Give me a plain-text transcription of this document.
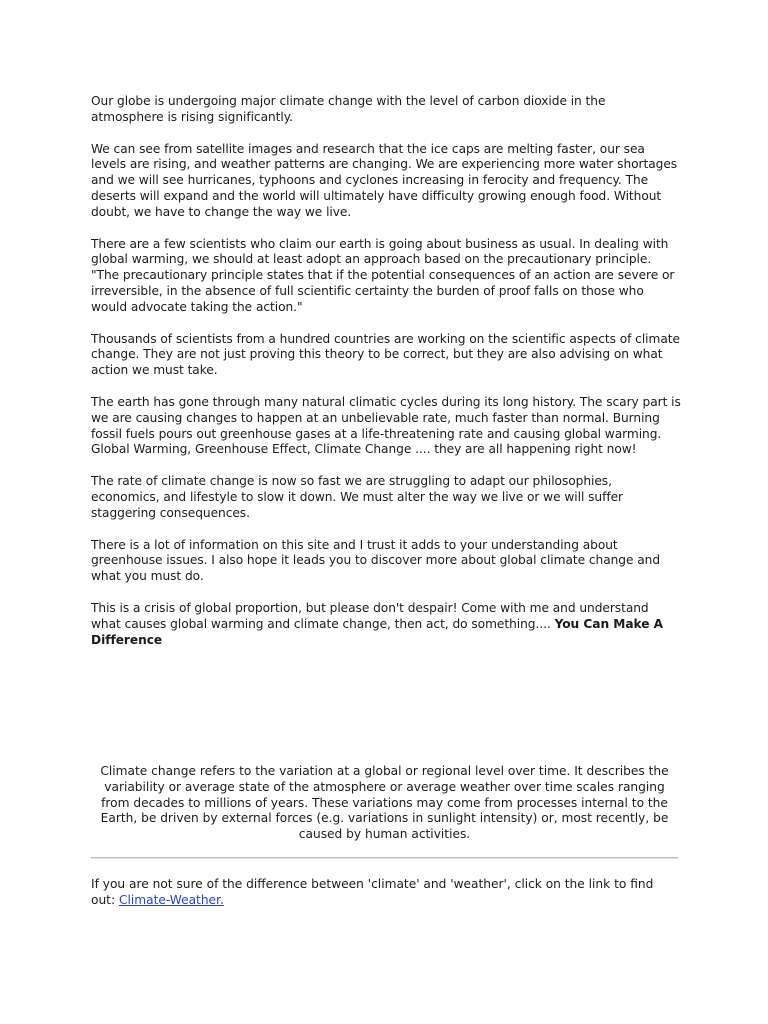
Our globe is undergoing major climate change with the level of carbon dioxide in the atmosphere is rising significantly.

We can see from satellite images and research that the ice caps are melting faster, our sea levels are rising, and weather patterns are changing. We are experiencing more water shortages and we will see hurricanes, typhoons and cyclones increasing in ferocity and frequency. The deserts will expand and the world will ultimately have difficulty growing enough food. Without doubt, we have to change the way we live.

There are a few scientists who claim our earth is going about business as usual. In dealing with global warming, we should at least adopt an approach based on the precautionary principle. "The precautionary principle states that if the potential consequences of an action are severe or irreversible, in the absence of full scientific certainty the burden of proof falls on those who would advocate taking the action."

Thousands of scientists from a hundred countries are working on the scientific aspects of climate change. They are not just proving this theory to be correct, but they are also advising on what action we must take.

The earth has gone through many natural climatic cycles during its long history. The scary part is we are causing changes to happen at an unbelievable rate, much faster than normal. Burning fossil fuels pours out greenhouse gases at a life-threatening rate and causing global warming. Global Warming, Greenhouse Effect, Climate Change .... they are all happening right now!

The rate of climate change is now so fast we are struggling to adapt our philosophies, economics, and lifestyle to slow it down. We must alter the way we live or we will suffer staggering consequences.

There is a lot of information on this site and I trust it adds to your understanding about greenhouse issues. I also hope it leads you to discover more about global climate change and what you must do.

This is a crisis of global proportion, but please don't despair! Come with me and understand what causes global warming and climate change, then act, do something.... You Can Make A Difference

Climate change refers to the variation at a global or regional level over time. It describes the variability or average state of the atmosphere or average weather over time scales ranging from decades to millions of years. These variations may come from processes internal to the Earth, be driven by external forces (e.g. variations in sunlight intensity) or, most recently, be caused by human activities.

If you are not sure of the difference between 'climate' and 'weather', click on the link to find out: Climate-Weather.
